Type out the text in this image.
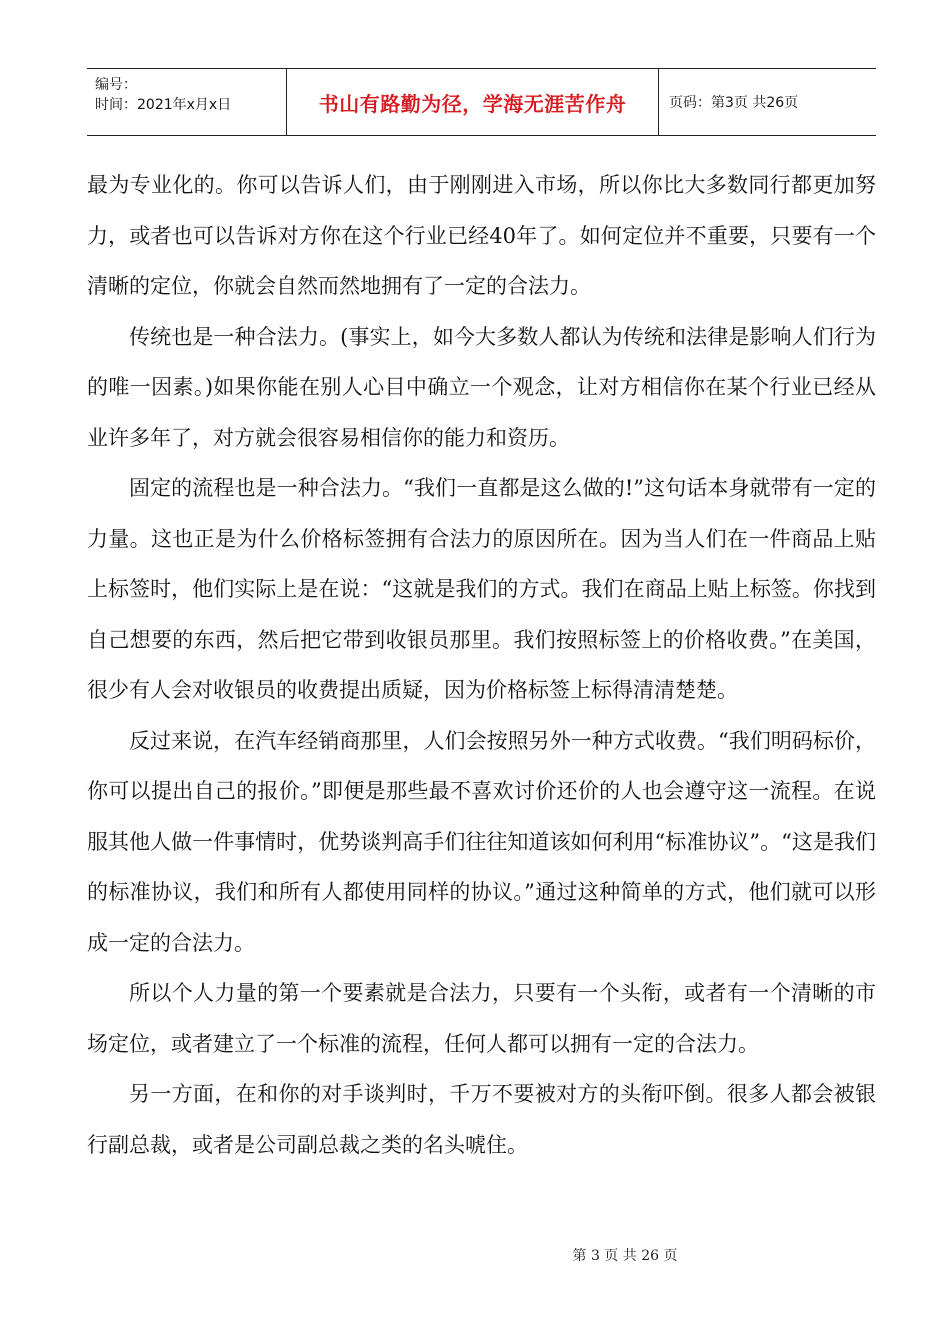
编号：
时间：2021年x月x日	书山有路勤为径，学海无涯苦作舟	页码：第3页 共26页

最为专业化的。你可以告诉人们，由于刚刚进入市场，所以你比大多数同行都更加努力，或者也可以告诉对方你在这个行业已经40年了。如何定位并不重要，只要有一个清晰的定位，你就会自然而然地拥有了一定的合法力。

传统也是一种合法力。(事实上，如今大多数人都认为传统和法律是影响人们行为的唯一因素。)如果你能在别人心目中确立一个观念，让对方相信你在某个行业已经从业许多年了，对方就会很容易相信你的能力和资历。

固定的流程也是一种合法力。“我们一直都是这么做的!”这句话本身就带有一定的力量。这也正是为什么价格标签拥有合法力的原因所在。因为当人们在一件商品上贴上标签时，他们实际上是在说：“这就是我们的方式。我们在商品上贴上标签。你找到自己想要的东西，然后把它带到收银员那里。我们按照标签上的价格收费。”在美国，很少有人会对收银员的收费提出质疑，因为价格标签上标得清清楚楚。

反过来说，在汽车经销商那里，人们会按照另外一种方式收费。“我们明码标价，你可以提出自己的报价。”即便是那些最不喜欢讨价还价的人也会遵守这一流程。在说服其他人做一件事情时，优势谈判高手们往往知道该如何利用“标准协议”。“这是我们的标准协议，我们和所有人都使用同样的协议。”通过这种简单的方式，他们就可以形成一定的合法力。

所以个人力量的第一个要素就是合法力，只要有一个头衔，或者有一个清晰的市场定位，或者建立了一个标准的流程，任何人都可以拥有一定的合法力。

另一方面，在和你的对手谈判时，千万不要被对方的头衔吓倒。很多人都会被银行副总裁，或者是公司副总裁之类的名头唬住。

第 3 页 共 26 页
